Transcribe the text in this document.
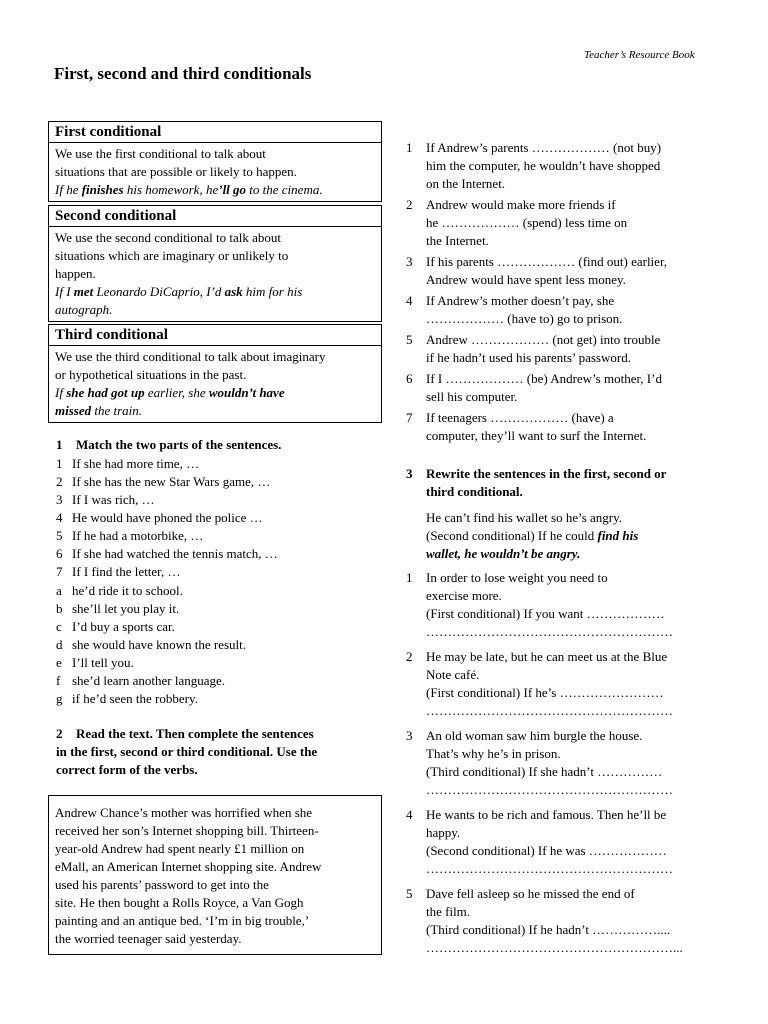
Teacher’s Resource Book
First, second and third conditionals
First conditional
We use the first conditional to talk about
situations that are possible or likely to happen.
If he finishes his homework, he’ll go to the cinema.
Second conditional
We use the second conditional to talk about
situations which are imaginary or unlikely to
happen.
If I met Leonardo DiCaprio, I’d ask him for his
autograph.
Third conditional
We use the third conditional to talk about imaginary
or hypothetical situations in the past.
If she had got up earlier, she wouldn’t have
missed the train.
1 Match the two parts of the sentences.
1 If she had more time, …
2 If she has the new Star Wars game, …
3 If I was rich, …
4 He would have phoned the police …
5 If he had a motorbike, …
6 If she had watched the tennis match, …
7 If I find the letter, …
a he’d ride it to school.
b she’ll let you play it.
c I’d buy a sports car.
d she would have known the result.
e I’ll tell you.
f she’d learn another language.
g if he’d seen the robbery.
2 Read the text. Then complete the sentences
in the first, second or third conditional. Use the
correct form of the verbs.
Andrew Chance’s mother was horrified when she
received her son’s Internet shopping bill. Thirteen-
year-old Andrew had spent nearly £1 million on
eMall, an American Internet shopping site. Andrew
used his parents’ password to get into the
site. He then bought a Rolls Royce, a Van Gogh
painting and an antique bed. ‘I’m in big trouble,’
the worried teenager said yesterday.
1 If Andrew’s parents ……………… (not buy)
him the computer, he wouldn’t have shopped
on the Internet.
2 Andrew would make more friends if
he ……………… (spend) less time on
the Internet.
3 If his parents ……………… (find out) earlier,
Andrew would have spent less money.
4 If Andrew’s mother doesn’t pay, she
……………… (have to) go to prison.
5 Andrew ……………… (not get) into trouble
if he hadn’t used his parents’ password.
6 If I ……………… (be) Andrew’s mother, I’d
sell his computer.
7 If teenagers ……………… (have) a
computer, they’ll want to surf the Internet.
3 Rewrite the sentences in the first, second or
third conditional.
He can’t find his wallet so he’s angry.
(Second conditional) If he could find his
wallet, he wouldn’t be angry.
1 In order to lose weight you need to
exercise more.
(First conditional) If you want ………………
…………………………………………………
2 He may be late, but he can meet us at the Blue
Note café.
(First conditional) If he’s ……………………
…………………………………………………
3 An old woman saw him burgle the house.
That’s why he’s in prison.
(Third conditional) If she hadn’t ……………
…………………………………………………
4 He wants to be rich and famous. Then he’ll be
happy.
(Second conditional) If he was ………………
…………………………………………………
5 Dave fell asleep so he missed the end of
the film.
(Third conditional) If he hadn’t ……………....
…………………………………………………...
